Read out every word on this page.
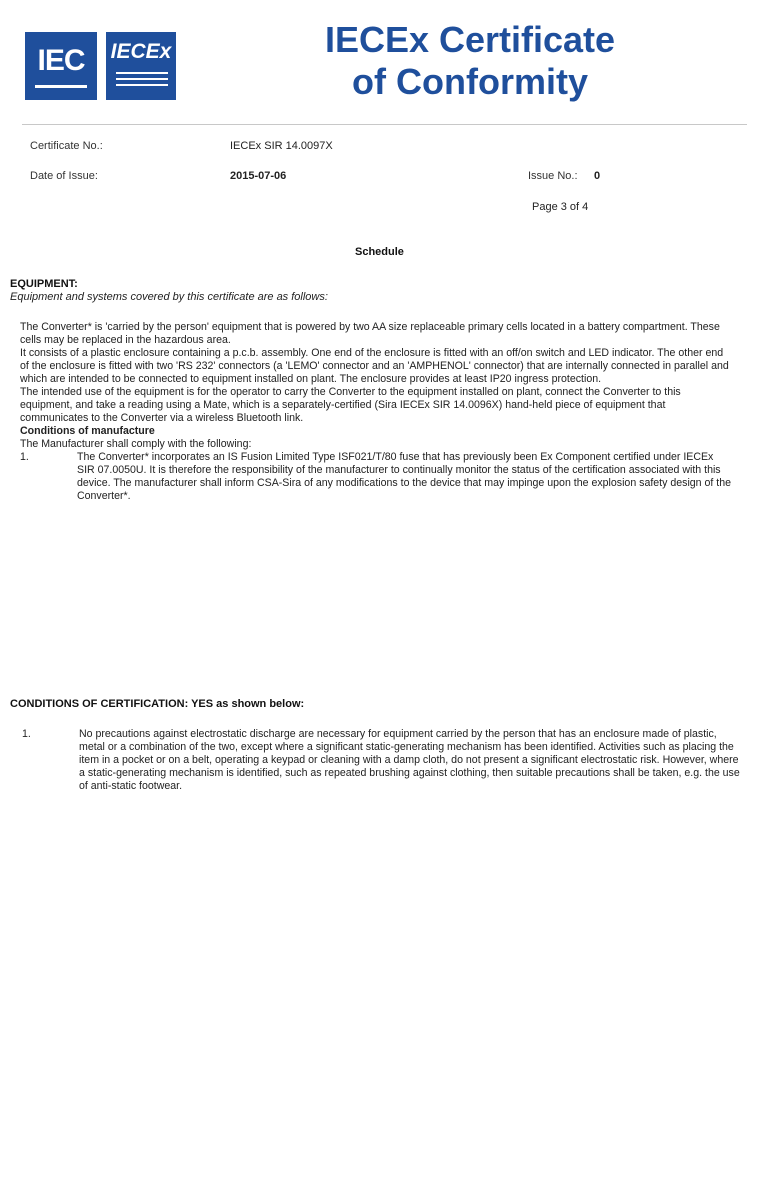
IEC	IECEx	IECEx Certificate
of Conformity
Certificate No.:	IECEx SIR 14.0097X
Date of Issue:	2015-07-06	Issue No.: 0
Page 3 of 4
Schedule
EQUIPMENT:
Equipment and systems covered by this certificate are as follows:

The Converter* is 'carried by the person' equipment that is powered by two AA size replaceable primary cells located in a battery compartment. These cells may be replaced in the hazardous area.

It consists of a plastic enclosure containing a p.c.b. assembly. One end of the enclosure is fitted with an off/on switch and LED indicator. The other end of the enclosure is fitted with two 'RS 232' connectors (a 'LEMO' connector and an 'AMPHENOL' connector) that are internally connected in parallel and which are intended to be connected to equipment installed on plant. The enclosure provides at least IP20 ingress protection.

The intended use of the equipment is for the operator to carry the Converter to the equipment installed on plant, connect the Converter to this equipment, and take a reading using a Mate, which is a separately-certified (Sira IECEx SIR 14.0096X) hand-held piece of equipment that communicates to the Converter via a wireless Bluetooth link.

Conditions of manufacture

The Manufacturer shall comply with the following:

1.	The Converter* incorporates an IS Fusion Limited Type ISF021/T/80 fuse that has previously been Ex Component certified under IECEx SIR 07.0050U. It is therefore the responsibility of the manufacturer to continually monitor the status of the certification associated with this device. The manufacturer shall inform CSA-Sira of any modifications to the device that may impinge upon the explosion safety design of the Converter*.
CONDITIONS OF CERTIFICATION: YES as shown below:
1.	No precautions against electrostatic discharge are necessary for equipment carried by the person that has an enclosure made of plastic, metal or a combination of the two, except where a significant static-generating mechanism has been identified. Activities such as placing the item in a pocket or on a belt, operating a keypad or cleaning with a damp cloth, do not present a significant electrostatic risk. However, where a static-generating mechanism is identified, such as repeated brushing against clothing, then suitable precautions shall be taken, e.g. the use of anti-static footwear.
